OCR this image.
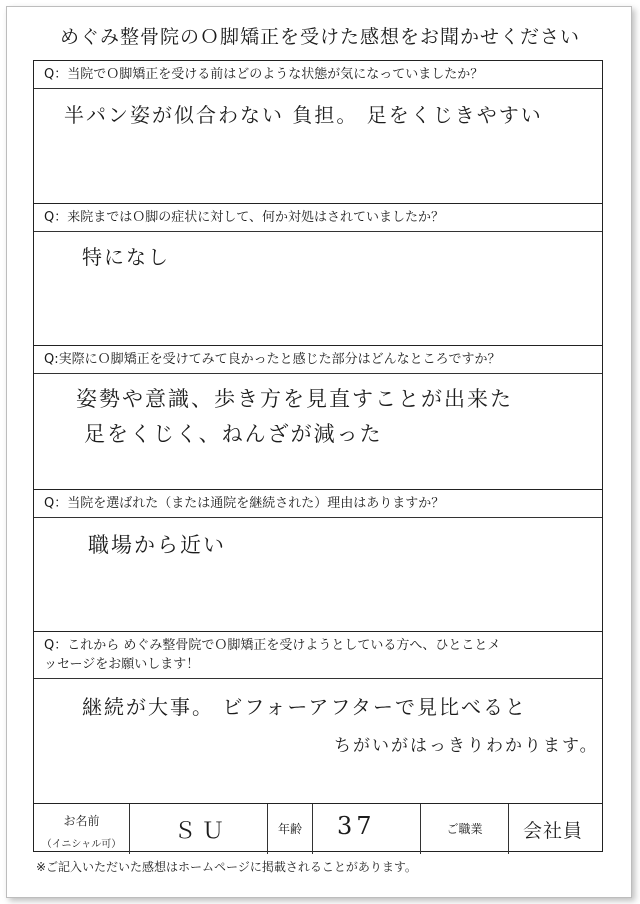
めぐみ整骨院のＯ脚矯正を受けた感想をお聞かせください
Q：当院でＯ脚矯正を受ける前はどのような状態が気になっていましたか？
半パン姿が似合わない 負担。 足をくじきやすい
Q：来院まではＯ脚の症状に対して、何か対処はされていましたか？
特になし
Q:実際にＯ脚矯正を受けてみて良かったと感じた部分はどんなところですか？
姿勢や意識、歩き方を見直すことが出来た
足をくじく、ねんざが減った
Q：当院を選ばれた（または通院を継続された）理由はありますか？
職場から近い
Q：これから めぐみ整骨院でＯ脚矯正を受けようとしている方へ、ひとことメ
ッセージをお願いします！
継続が大事。 ビフォーアフターで見比べると
ちがいがはっきりわかります。
お名前
（イニシャル可）
ＳＵ	年齢	37	ご職業	会社員
※ご記入いただいた感想はホームページに掲載されることがあります。
